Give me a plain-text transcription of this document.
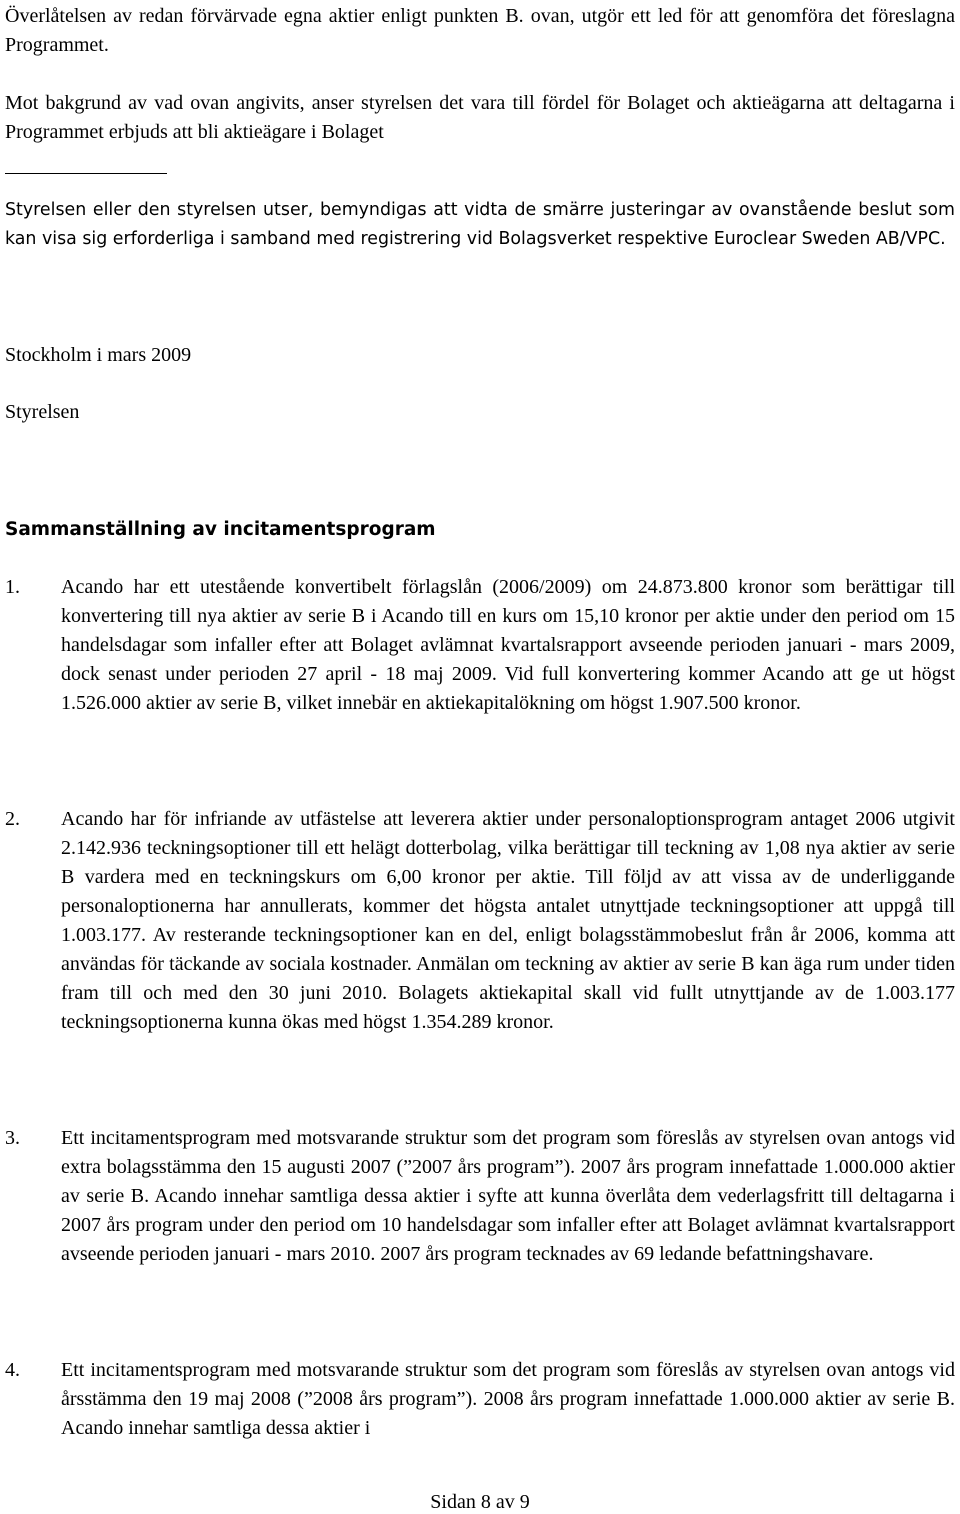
Överlåtelsen av redan förvärvade egna aktier enligt punkten B. ovan, utgör ett led för att genomföra det föreslagna Programmet.

Mot bakgrund av vad ovan angivits, anser styrelsen det vara till fördel för Bolaget och aktieägarna att deltagarna i Programmet erbjuds att bli aktieägare i Bolaget

Styrelsen eller den styrelsen utser, bemyndigas att vidta de smärre justeringar av ovanstående beslut som kan visa sig erforderliga i samband med registrering vid Bolagsverket respektive Euroclear Sweden AB/VPC.
Stockholm i mars 2009
Styrelsen
Sammanställning av incitamentsprogram
1. Acando har ett utestående konvertibelt förlagslån (2006/2009) om 24.873.800 kronor som berättigar till konvertering till nya aktier av serie B i Acando till en kurs om 15,10 kronor per aktie under den period om 15 handelsdagar som infaller efter att Bolaget avlämnat kvartalsrapport avseende perioden januari - mars 2009, dock senast under perioden 27 april - 18 maj 2009. Vid full konvertering kommer Acando att ge ut högst 1.526.000 aktier av serie B, vilket innebär en aktiekapitalökning om högst 1.907.500 kronor.
2. Acando har för infriande av utfästelse att leverera aktier under personaloptionsprogram antaget 2006 utgivit 2.142.936 teckningsoptioner till ett helägt dotterbolag, vilka berättigar till teckning av 1,08 nya aktier av serie B vardera med en teckningskurs om 6,00 kronor per aktie. Till följd av att vissa av de underliggande personaloptionerna har annullerats, kommer det högsta antalet utnyttjade teckningsoptioner att uppgå till 1.003.177. Av resterande teckningsoptioner kan en del, enligt bolagsstämmobeslut från år 2006, komma att användas för täckande av sociala kostnader. Anmälan om teckning av aktier av serie B kan äga rum under tiden fram till och med den 30 juni 2010. Bolagets aktiekapital skall vid fullt utnyttjande av de 1.003.177 teckningsoptionerna kunna ökas med högst 1.354.289 kronor.
3. Ett incitamentsprogram med motsvarande struktur som det program som föreslås av styrelsen ovan antogs vid extra bolagsstämma den 15 augusti 2007 (”2007 års program”). 2007 års program innefattade 1.000.000 aktier av serie B. Acando innehar samtliga dessa aktier i syfte att kunna överlåta dem vederlagsfritt till deltagarna i 2007 års program under den period om 10 handelsdagar som infaller efter att Bolaget avlämnat kvartalsrapport avseende perioden januari - mars 2010. 2007 års program tecknades av 69 ledande befattningshavare.
4. Ett incitamentsprogram med motsvarande struktur som det program som föreslås av styrelsen ovan antogs vid årsstämma den 19 maj 2008 (”2008 års program”). 2008 års program innefattade 1.000.000 aktier av serie B. Acando innehar samtliga dessa aktier i
Sidan 8 av 9
